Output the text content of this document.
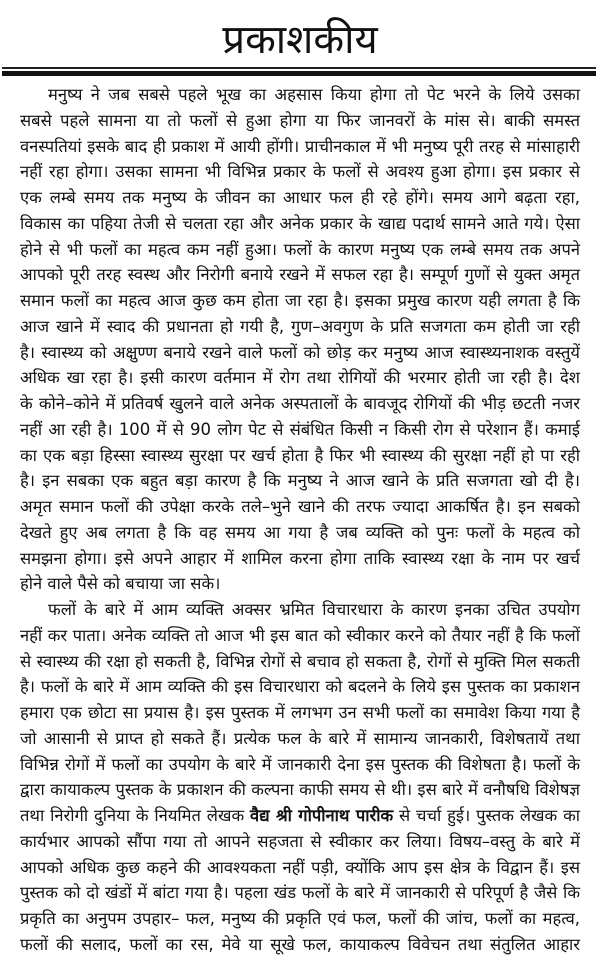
प्रकाशकीय
मनुष्य ने जब सबसे पहले भूख का अहसास किया होगा तो पेट भरने के लिये उसका
सबसे पहले सामना या तो फलों से हुआ होगा या फिर जानवरों के मांस से। बाकी समस्त
वनस्पतियां इसके बाद ही प्रकाश में आयी होंगी। प्राचीनकाल में भी मनुष्य पूरी तरह से मांसाहारी
नहीं रहा होगा। उसका सामना भी विभिन्न प्रकार के फलों से अवश्य हुआ होगा। इस प्रकार से
एक लम्बे समय तक मनुष्य के जीवन का आधार फल ही रहे होंगे। समय आगे बढ़ता रहा,
विकास का पहिया तेजी से चलता रहा और अनेक प्रकार के खाद्य पदार्थ सामने आते गये। ऐसा
होने से भी फलों का महत्व कम नहीं हुआ। फलों के कारण मनुष्य एक लम्बे समय तक अपने
आपको पूरी तरह स्वस्थ और निरोगी बनाये रखने में सफल रहा है। सम्पूर्ण गुणों से युक्त अमृत
समान फलों का महत्व आज कुछ कम होता जा रहा है। इसका प्रमुख कारण यही लगता है कि
आज खाने में स्वाद की प्रधानता हो गयी है, गुण–अवगुण के प्रति सजगता कम होती जा रही
है। स्वास्थ्य को अक्षुण्ण बनाये रखने वाले फलों को छोड़ कर मनुष्य आज स्वास्थ्यनाशक वस्तुयें
अधिक खा रहा है। इसी कारण वर्तमान में रोग तथा रोगियों की भरमार होती जा रही है। देश
के कोने–कोने में प्रतिवर्ष खुलने वाले अनेक अस्पतालों के बावजूद रोगियों की भीड़ छटती नजर
नहीं आ रही है। 100 में से 90 लोग पेट से संबंधित किसी न किसी रोग से परेशान हैं। कमाई
का एक बड़ा हिस्सा स्वास्थ्य सुरक्षा पर खर्च होता है फिर भी स्वास्थ्य की सुरक्षा नहीं हो पा रही
है। इन सबका एक बहुत बड़ा कारण है कि मनुष्य ने आज खाने के प्रति सजगता खो दी है।
अमृत समान फलों की उपेक्षा करके तले–भुने खाने की तरफ ज्यादा आकर्षित है। इन सबको
देखते हुए अब लगता है कि वह समय आ गया है जब व्यक्ति को पुनः फलों के महत्व को
समझना होगा। इसे अपने आहार में शामिल करना होगा ताकि स्वास्थ्य रक्षा के नाम पर खर्च
होने वाले पैसे को बचाया जा सके।
फलों के बारे में आम व्यक्ति अक्सर भ्रमित विचारधारा के कारण इनका उचित उपयोग
नहीं कर पाता। अनेक व्यक्ति तो आज भी इस बात को स्वीकार करने को तैयार नहीं है कि फलों
से स्वास्थ्य की रक्षा हो सकती है, विभिन्न रोगों से बचाव हो सकता है, रोगों से मुक्ति मिल सकती
है। फलों के बारे में आम व्यक्ति की इस विचारधारा को बदलने के लिये इस पुस्तक का प्रकाशन
हमारा एक छोटा सा प्रयास है। इस पुस्तक में लगभग उन सभी फलों का समावेश किया गया है
जो आसानी से प्राप्त हो सकते हैं। प्रत्येक फल के बारे में सामान्य जानकारी, विशेषतायें तथा
विभिन्न रोगों में फलों का उपयोग के बारे में जानकारी देना इस पुस्तक की विशेषता है। फलों के
द्वारा कायाकल्प पुस्तक के प्रकाशन की कल्पना काफी समय से थी। इस बारे में वनौषधि विशेषज्ञ
तथा निरोगी दुनिया के नियमित लेखक वैद्य श्री गोपीनाथ पारीक से चर्चा हुई। पुस्तक लेखक का
कार्यभार आपको सौंपा गया तो आपने सहजता से स्वीकार कर लिया। विषय–वस्तु के बारे में
आपको अधिक कुछ कहने की आवश्यकता नहीं पड़ी, क्योंकि आप इस क्षेत्र के विद्वान हैं। इस
पुस्तक को दो खंडों में बांटा गया है। पहला खंड फलों के बारे में जानकारी से परिपूर्ण है जैसे कि
प्रकृति का अनुपम उपहार– फल, मनुष्य की प्रकृति एवं फल, फलों की जांच, फलों का महत्व,
फलों की सलाद, फलों का रस, मेवे या सूखे फल, कायाकल्प विवेचन तथा संतुलित आहार
